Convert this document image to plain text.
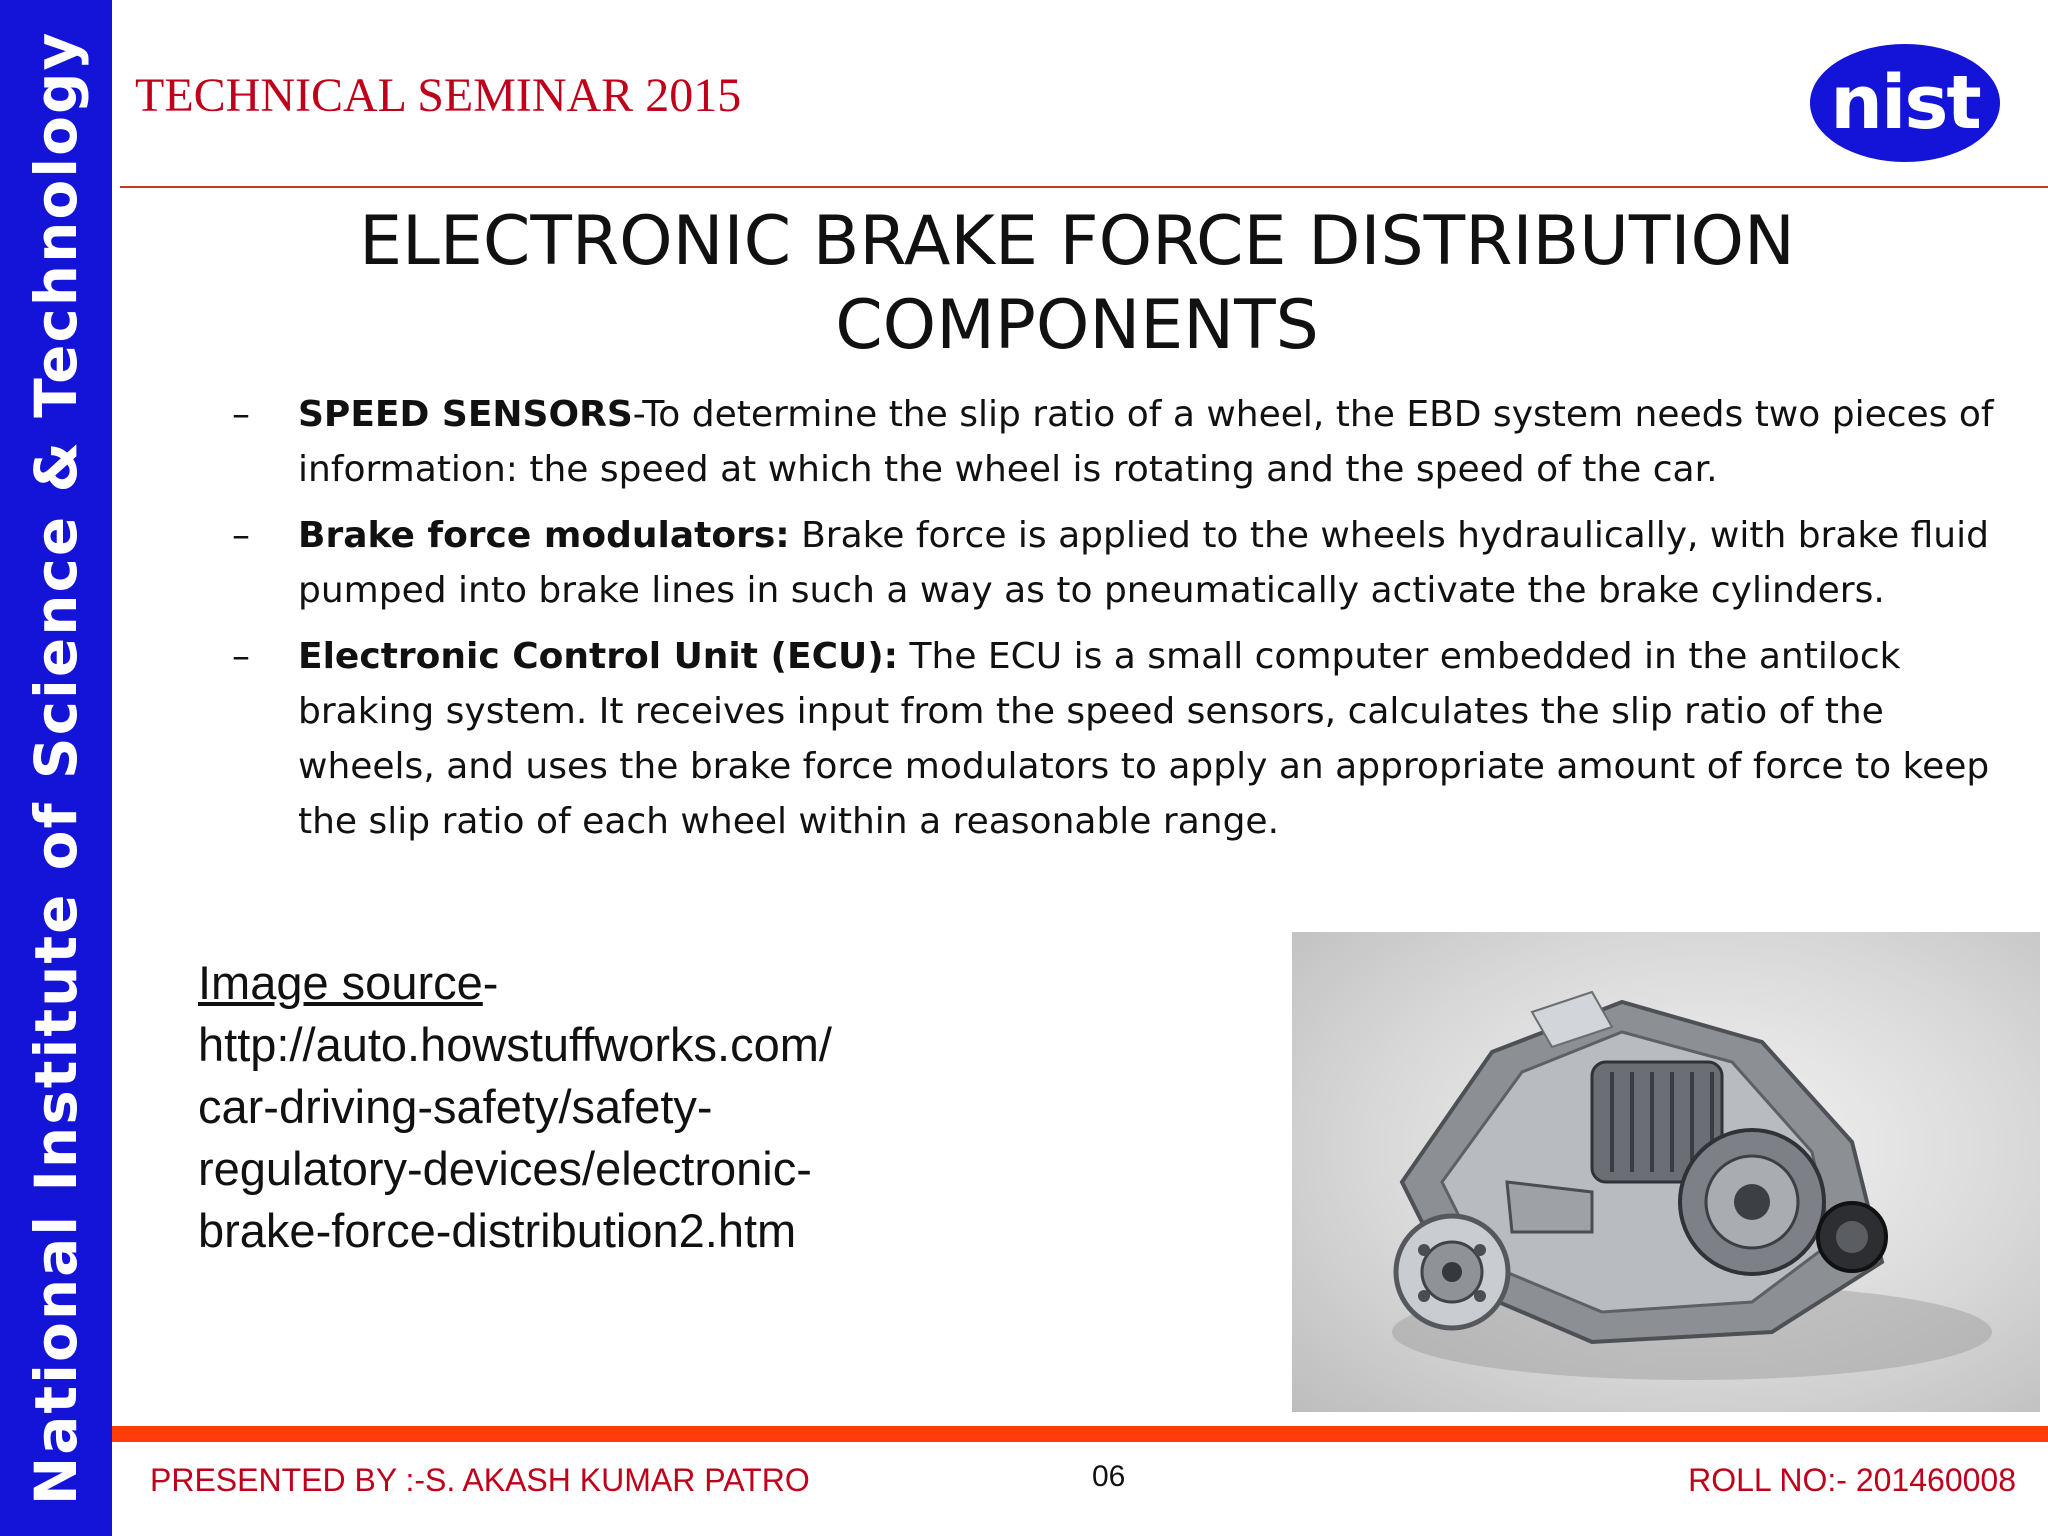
National Institute of Science & Technology TECHNICAL SEMINAR 2015	nist
ELECTRONIC BRAKE FORCE DISTRIBUTION
COMPONENTS
– SPEED SENSORS-To determine the slip ratio of a wheel, the EBD system needs two pieces of information: the speed at which the wheel is rotating and the speed of the car.
– Brake force modulators: Brake force is applied to the wheels hydraulically, with brake fluid pumped into brake lines in such a way as to pneumatically activate the brake cylinders.
– Electronic Control Unit (ECU): The ECU is a small computer embedded in the antilock braking system. It receives input from the speed sensors, calculates the slip ratio of the wheels, and uses the brake force modulators to apply an appropriate amount of force to keep the slip ratio of each wheel within a reasonable range.
Image source-
http://auto.howstuffworks.com/
car-driving-safety/safety-
regulatory-devices/electronic-
brake-force-distribution2.htm
PRESENTED BY :-S. AKASH KUMAR PATRO	06	ROLL NO:- 201460008
